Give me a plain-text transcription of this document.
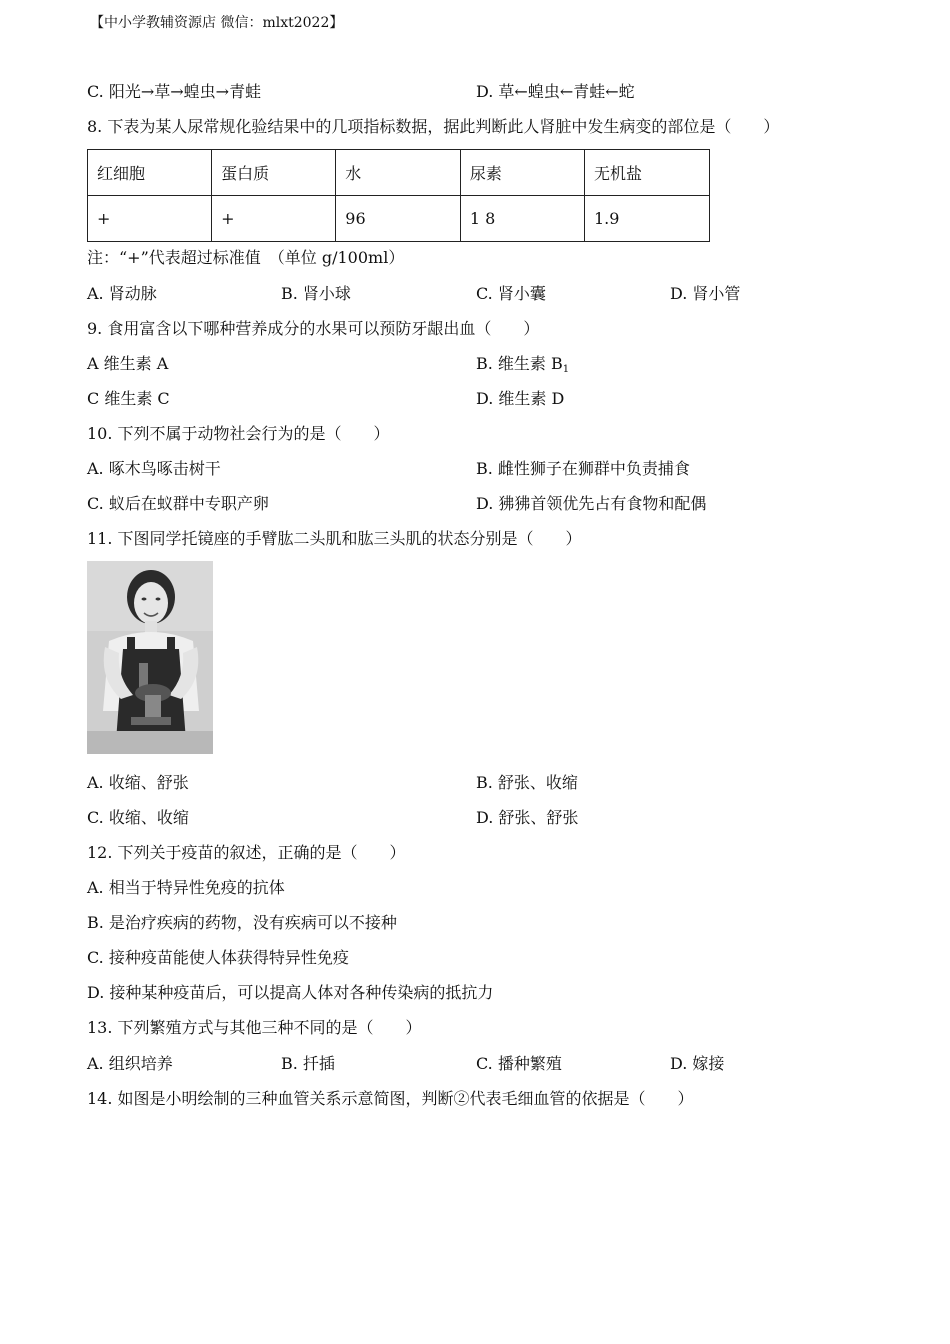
【中小学教辅资源店 微信：mlxt2022】
C. 阳光→草→蝗虫→青蛙	D. 草←蝗虫←青蛙←蛇
8. 下表为某人尿常规化验结果中的几项指标数据，据此判断此人肾脏中发生病变的部位是（　　）
红细胞	蛋白质	水	尿素	无机盐
+	+	96	1 8	1.9
注：“+”代表超过标准值　（单位 g/100ml）
A. 肾动脉	B. 肾小球	C. 肾小囊	D. 肾小管
9. 食用富含以下哪种营养成分的水果可以预防牙龈出血（　　）
A 维生素 A	B. 维生素 $B_1$
C 维生素 C	D. 维生素 D
10. 下列不属于动物社会行为的是（　　）
A. 啄木鸟啄击树干	B. 雌性狮子在狮群中负责捕食
C. 蚁后在蚁群中专职产卵	D. 狒狒首领优先占有食物和配偶
11. 下图同学托镜座的手臂肱二头肌和肱三头肌的状态分别是（　　）
A. 收缩、舒张	B. 舒张、收缩
C. 收缩、收缩	D. 舒张、舒张
12. 下列关于疫苗的叙述，正确的是（　　）
A. 相当于特异性免疫的抗体
B. 是治疗疾病的药物，没有疾病可以不接种
C. 接种疫苗能使人体获得特异性免疫
D. 接种某种疫苗后，可以提高人体对各种传染病的抵抗力
13. 下列繁殖方式与其他三种不同的是（　　）
A. 组织培养	B. 扦插	C. 播种繁殖	D. 嫁接
14. 如图是小明绘制的三种血管关系示意简图，判断②代表毛细血管的依据是（　　）
